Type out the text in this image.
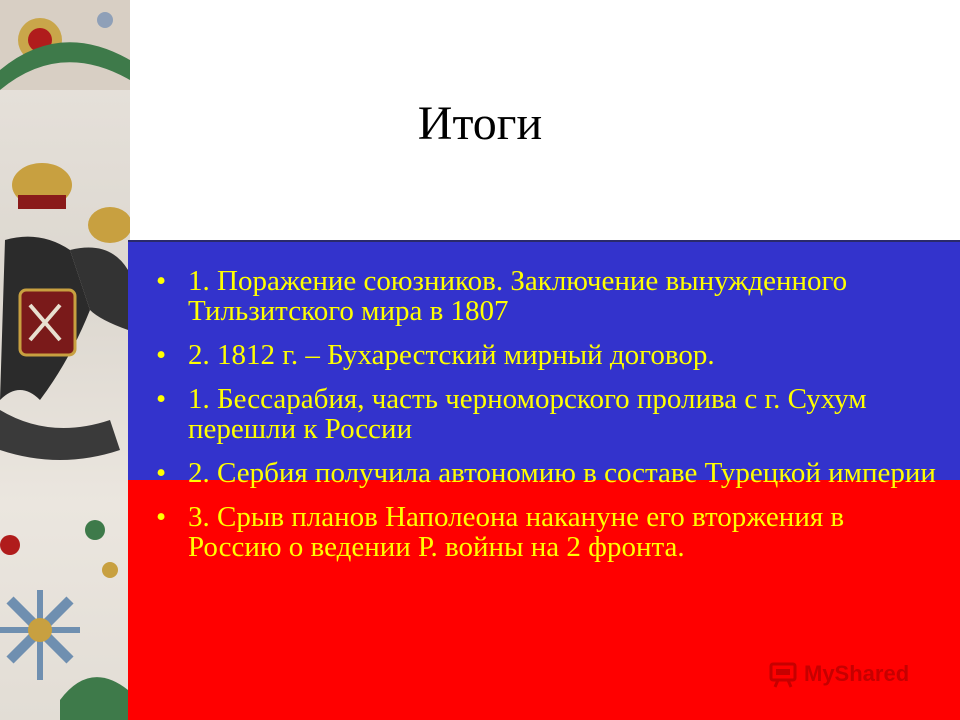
Итоги
• 1. Поражение союзников. Заключение вынужденного Тильзитского мира в 1807
• 2. 1812 г. – Бухарестский мирный договор.
• 1. Бессарабия, часть черноморского пролива с г. Сухум перешли к России
• 2. Сербия получила автономию в составе Турецкой империи
• 3. Срыв планов Наполеона накануне его вторжения в Россию о ведении Р. войны на 2 фронта.
MyShared
